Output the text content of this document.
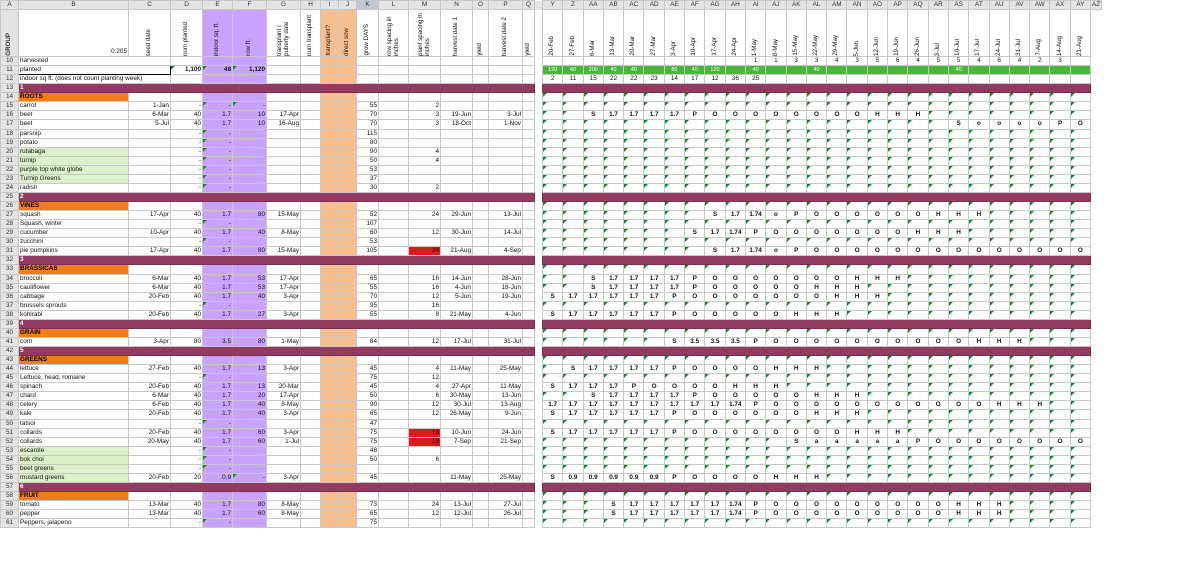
A	B	C	D	E	F	G	H	I	J	K	L	M	N	O	P	Q		Y	Z	AA	AB	AC	AD	AE	AF	AG	AH	AI	AJ	AK	AL	AM	AN	AO	AP	AQ	AR	AS	AT	AU	AV	AW	AX	AY	AZ

GROUP	0.205	seed date	num planted	indoor sq. ft.	row ft.	transplant / puberty date	num transplant	transplant?	direct sow	grow DAYS	row spacing in inches	plant spacing in inches	harvest date 1	yield	harvest date 2	yield		20-Feb	27-Feb	6-Mar	13-Mar	20-Mar	27-Mar	3-Apr	10-Apr	17-Apr	24-Apr	1-May	8-May	15-May	22-May	29-May	5-Jun	12-Jun	19-Jun	26-Jun	3-Jul	10-Jul	17-Jul	24-Jul	31-Jul	7-Aug	14-Aug	21-Aug	

10	harvested																											1	1	3	3	4	3	5	6	4	5	5	4	6	4	2	3		
11	planted		1,100	48	1,120													120	40	200	40	40		80	40	120		40			40							40							
12	indoor sq ft. (does not count planting week)																	2	11	15	22	22	23	14	17	12	36	25																	
13	1																																												
14	ROOTS																																												
15	carrot	1-Jan	-	-	-					55		2																																	
16	beet	6-Mar	40	1.7	10	17-Apr				70		3	19-Jun		3-Jul					S	1.7	1.7	1.7	1.7	P	O	O	O	O	O	O	O	O	H	H	H									
17	beet	5-Jul	40	1.7	10	16-Aug				70		3	18-Oct		1-Nov																							S	o	o	o	o	P	O	
18	parsnip		-	-						115																																			
19	potato		-	-						80																																			
20	rutabaga		-	-						90		4																																	
21	turnip		-	-						50		4																																	
22	purple top white globe		-	-						53																																			
23	Turnip Greens		-	-						37																																			
24	radish		-	-						30		2																																	
25	2																																												
26	VINES																																												
27	squash	17-Apr	40	1.7	80	15-May				52		24	29-Jun		13-Jul											S	1.7	1.74	o	P	O	O	O	O	O	O	H	H	H						
28	Squash, winter		-	-						107																																			
29	cucumber	10-Apr	40	1.7	40	8-May				60		12	30-Jun		14-Jul										S	1.7	1.74	P	O	O	O	O	O	O	O	H	H	H							
30	zucchini		-	-						53																																			
31	pie pumpkins	17-Apr	40	1.7	80	15-May				105		24	21-Aug		4-Sep											S	1.7	1.74	o	P	O	O	O	O	O	O	O	O	O	O	O	O	O	O	
32	3																																												
33	BRASSICAS																																												
34	broccoli	6-Mar	40	1.7	53	17-Apr				65		16	14-Jun		28-Jun					S	1.7	1.7	1.7	1.7	P	O	O	O	O	O	O	O	H	H	H										
35	cauliflower	6-Mar	40	1.7	53	17-Apr				55		16	4-Jun		18-Jun					S	1.7	1.7	1.7	1.7	P	O	O	O	O	O	H	H	H												
36	cabbage	20-Feb	40	1.7	40	3-Apr				70		12	5-Jun		19-Jun			S	1.7	1.7	1.7	1.7	1.7	P	O	O	O	O	O	O	O	H	H	H											
37	brussels sprouts		-	-						95		16																																	
38	kohlrabi	20-Feb	40	1.7	27	3-Apr				55		8	21-May		4-Jun			S	1.7	1.7	1.7	1.7	1.7	P	O	O	O	O	O	H	H	H													
39	4																																												
40	GRAIN																																												
41	corn	3-Apr	80	3.5	80	1-May				84		12	17-Jul		31-Jul									S	3.5	3.5	3.5	P	O	O	O	O	O	O	O	O	O	O	H	H	H				
42	5																																												
43	GREENS																																												
44	lettuce	27-Feb	40	1.7	13	3-Apr				45		4	11-May		25-May				S	1.7	1.7	1.7	1.7	P	O	O	O	O	H	H	H														
45	Lettuce, head, romaine		-	-						75		12																																	
46	spinach	20-Feb	40	1.7	13	20-Mar				45		4	27-Apr		11-May			S	1.7	1.7	1.7	P	O	O	O	O	H	H	H																
47	chard	6-Mar	40	1.7	20	17-Apr				50		6	30-May		13-Jun					S	1.7	1.7	1.7	1.7	P	O	O	O	O	O	H	H	H												
48	celery	6-Feb	40	1.7	40	8-May				90		12	30-Jul		13-Aug			1.7	1.7	1.7	1.7	1.7	1.7	1.7	1.7	1.7	1.74	P	O	O	O	O	O	O	O	O	O	O	O	H	H	H			
49	kale	20-Feb	40	1.7	40	3-Apr				65		12	26-May		9-Jun			S	1.7	1.7	1.7	1.7	1.7	P	O	O	O	O	O	O	H	H	H												
50	tatsoi		-	-						47																																			
51	collards	20-Feb	40	1.7	60	3-Apr				75		18	10-Jun		24-Jun			S	1.7	1.7	1.7	1.7	1.7	P	O	O	O	O	O	O	O	O	H	H	H										
52	collards	20-May	40	1.7	60	1-Jul				75		18	7-Sep		21-Sep															S	a	a	a	a	a	P	O	O	O	O	O	O	O	O	
53	escarole		-	-						48																																			
54	bok choi		-	-						50		6																																	
55	beet greens		-	-																																									
56	mustard greens	20-Feb	20	0.9	-	3-Apr				45			11-May		25-May			S	0.9	0.9	0.9	0.9	0.9	P	O	O	O	O	H	H	H														
57	6																																												
58	FRUIT																																												
59	tomato	13-Mar	40	1.7	80	8-May				73		24	13-Jul		27-Jul						S	1.7	1.7	1.7	1.7	1.7	1.74	P	O	O	O	O	O	O	O	O	O	H	H	H					
60	pepper	13-Mar	40	1.7	60	8-May				65		12	12-Jul		26-Jul						S	1.7	1.7	1.7	1.7	1.7	1.74	P	O	O	O	O	O	O	O	O	O	H	H	H					
61	Peppers, jalapeno		-	-						75																																			
